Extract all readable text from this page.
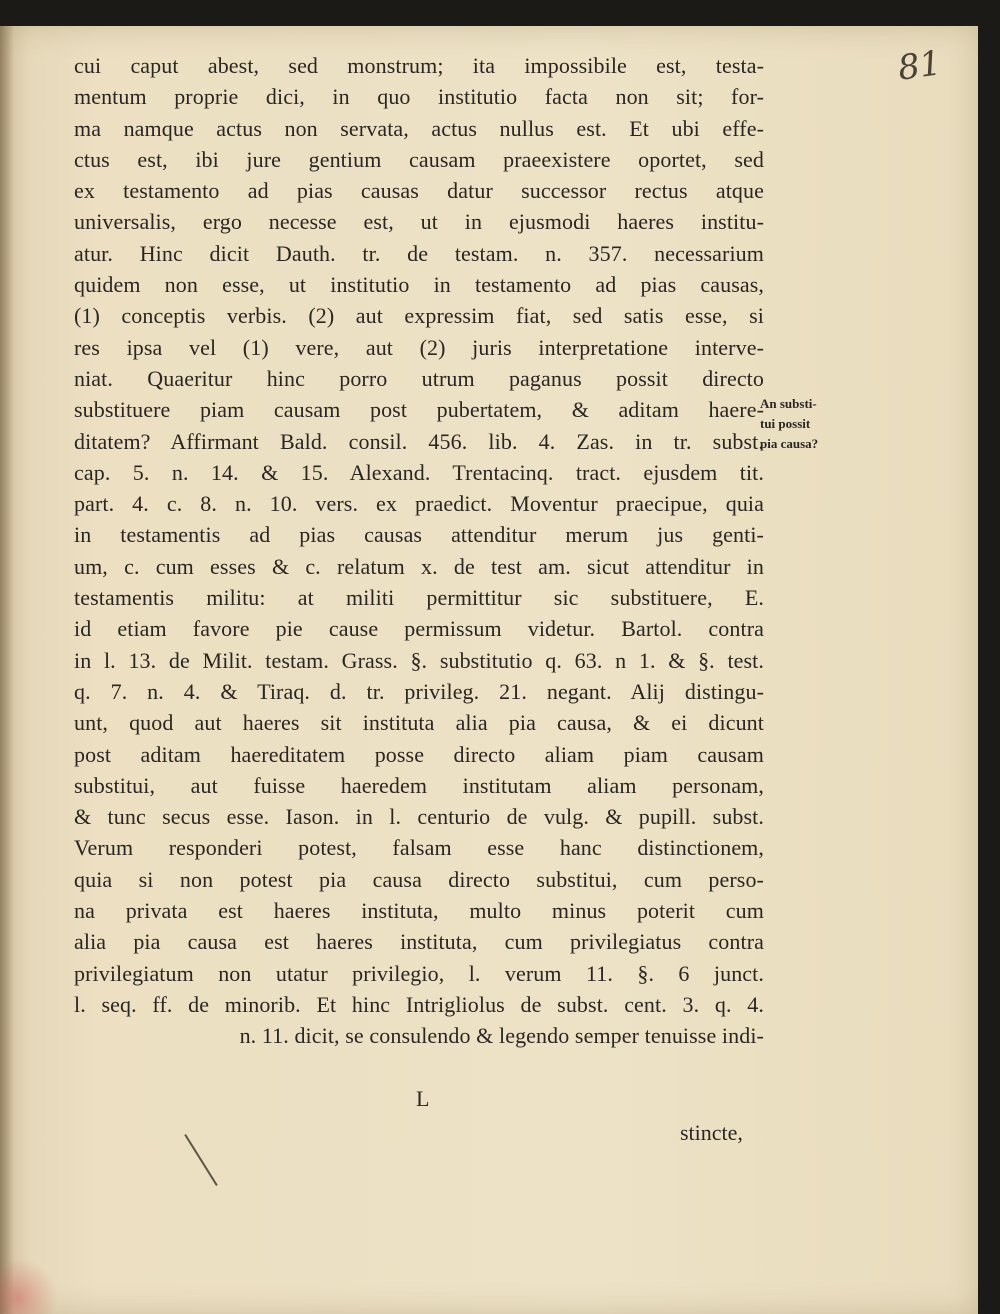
81
cui caput abest, sed monstrum; ita impossibile est, testa-
mentum proprie dici, in quo institutio facta non sit; for-
ma namque actus non servata, actus nullus est. Et ubi effe-
ctus est, ibi jure gentium causam praeexistere oportet, sed
ex testamento ad pias causas datur successor rectus atque
universalis, ergo necesse est, ut in ejusmodi haeres institu-
atur. Hinc dicit Dauth. tr. de testam. n. 357. necessarium
quidem non esse, ut institutio in testamento ad pias causas,
(1) conceptis verbis. (2) aut expressim fiat, sed satis esse, si
res ipsa vel (1) vere, aut (2) juris interpretatione interve-
niat. Quaeritur hinc porro utrum paganus possit directo
substituere piam causam post pubertatem, & aditam haere-
ditatem? Affirmant Bald. consil. 456. lib. 4. Zas. in tr. subst.
cap. 5. n. 14. & 15. Alexand. Trentacinq. tract. ejusdem tit.
part. 4. c. 8. n. 10. vers. ex praedict. Moventur praecipue, quia
in testamentis ad pias causas attenditur merum jus genti-
um, c. cum esses & c. relatum x. de test am. sicut attenditur in
testamentis militu: at militi permittitur sic substituere, E.
id etiam favore pie cause permissum videtur. Bartol. contra
in l. 13. de Milit. testam. Grass. §. substitutio q. 63. n 1. & §. test.
q. 7. n. 4. & Tiraq. d. tr. privileg. 21. negant. Alij distingu-
unt, quod aut haeres sit instituta alia pia causa, & ei dicunt
post aditam haereditatem posse directo aliam piam causam
substitui, aut fuisse haeredem institutam aliam personam,
& tunc secus esse. Iason. in l. centurio de vulg. & pupill. subst.
Verum responderi potest, falsam esse hanc distinctionem,
quia si non potest pia causa directo substitui, cum perso-
na privata est haeres instituta, multo minus poterit cum
alia pia causa est haeres instituta, cum privilegiatus contra
privilegiatum non utatur privilegio, l. verum 11. §. 6 junct.
l. seq. ff. de minorib. Et hinc Intrigliolus de subst. cent. 3. q. 4.
n. 11. dicit, se consulendo & legendo semper tenuisse indi-
An substi-
tui possit
pia causa?
L
stincte,
